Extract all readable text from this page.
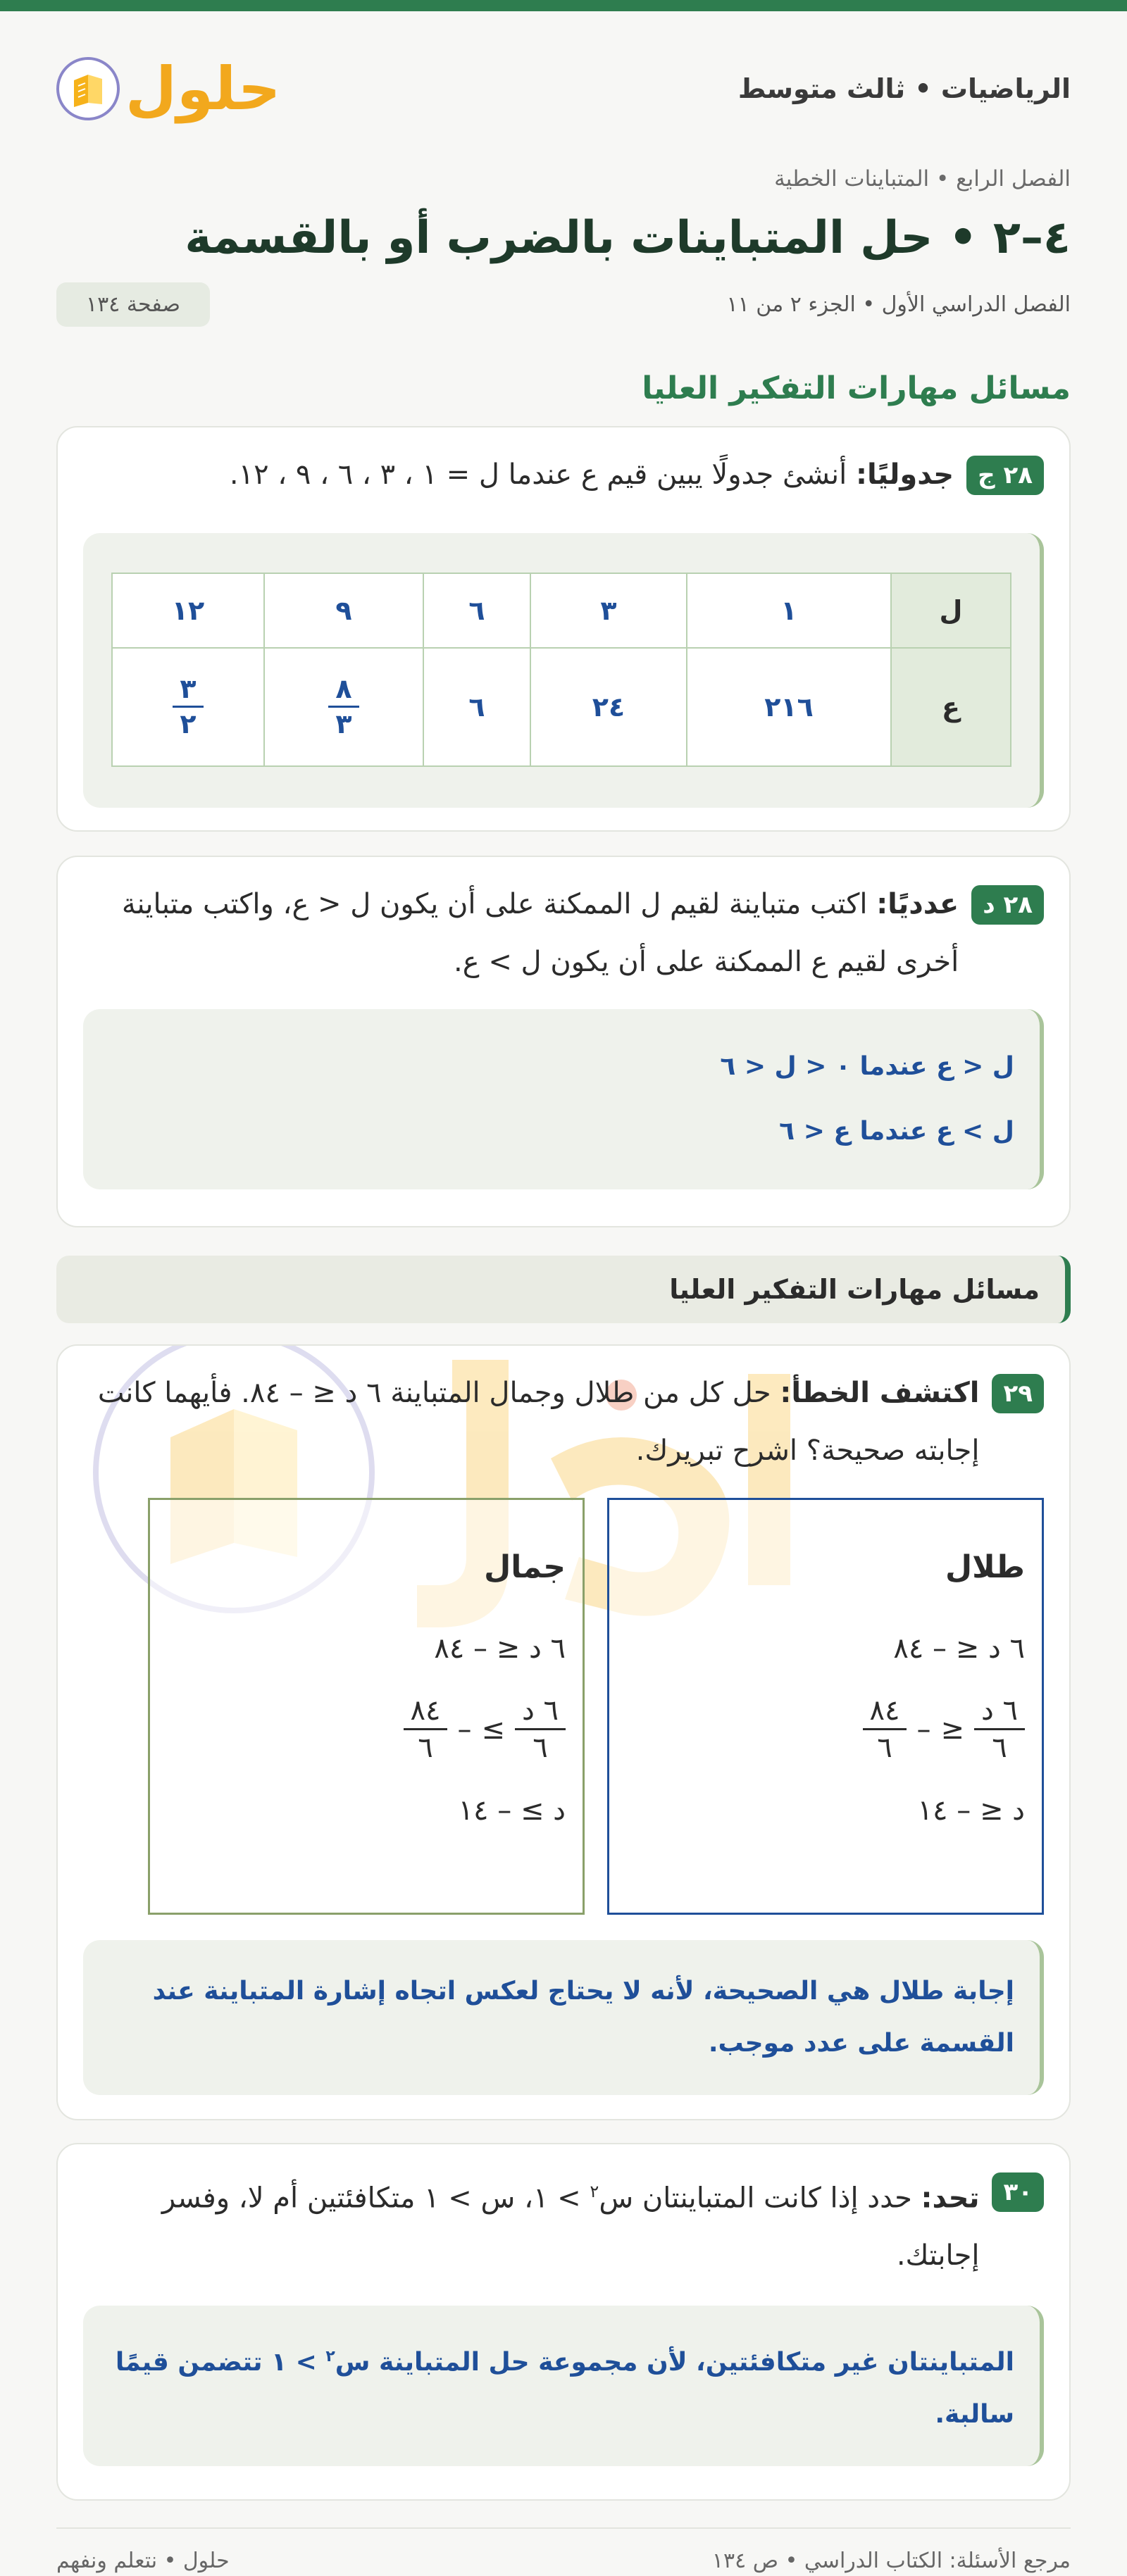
الرياضيات • ثالث متوسط
حلول
الفصل الرابع • المتباينات الخطية
٤–٢ • حل المتباينات بالضرب أو بالقسمة
الفصل الدراسي الأول • الجزء ٢ من ١١
صفحة ١٣٤
مسائل مهارات التفكير العليا
٢٨ ج
جدوليًا: أنشئ جدولًا يبين قيم ع عندما ل = ١ ، ٣ ، ٦ ، ٩ ، ١٢.
ل	١	٣	٦	٩	١٢
ع	٢١٦	٢٤	٦	$\frac{٨}{٣}$	$\frac{٣}{٢}$
٢٨ د
عدديًا: اكتب متباينة لقيم ل الممكنة على أن يكون ل < ع، واكتب متباينة أخرى لقيم ع الممكنة على أن يكون ل > ع.
ل < ع عندما ٠ < ل < ٦
ل > ع عندما ع < ٦
مسائل مهارات التفكير العليا
٢٩
اكتشف الخطأ: حل كل من طلال وجمال المتباينة ٦ د ≤ – ٨٤. فأيهما كانت إجابته صحيحة؟ اشرح تبريرك.
طلال
٦ د ≤ – ٨٤
$\frac{\text{٦ د}}{٦}$
≤
–
$\frac{٨٤}{٦}$
د ≤ – ١٤
جمال
٦ د ≤ – ٨٤
$\frac{\text{٦ د}}{٦}$
≥
–
$\frac{٨٤}{٦}$
د ≥ – ١٤
إجابة طلال هي الصحيحة، لأنه لا يحتاج لعكس اتجاه إشارة المتباينة عند القسمة على عدد موجب.
٣٠
تحد: حدد إذا كانت المتباينتان س$^٢$ > ١، س > ١ متكافئتين أم لا، وفسر إجابتك.
المتباينتان غير متكافئتين، لأن مجموعة حل المتباينة س$^٢$ > ١ تتضمن قيمًا سالبة.
مرجع الأسئلة: الكتاب الدراسي • ص ١٣٤
حلول • نتعلم ونفهم
